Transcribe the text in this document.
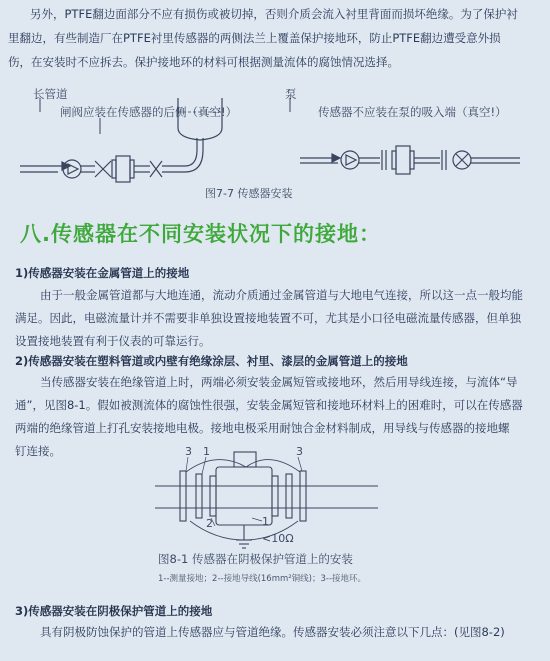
另外，PTFE翻边面部分不应有损伤或被切掉，否则介质会流入衬里背面而损坏绝缘。为了保护衬
里翻边，有些制造厂在PTFE衬里传感器的两侧法兰上覆盖保护接地环，防止PTFE翻边遭受意外损
伤，在安装时不应拆去。保护接地环的材料可根据测量流体的腐蚀情况选择。
长管道
闸阀应装在传感器的后侧（真空!）
泵
传感器不应装在泵的吸入端（真空!）
图7-7 传感器安装
八.传感器在不同安装状况下的接地：
1)传感器安装在金属管道上的接地
由于一般金属管道都与大地连通，流动介质通过金属管道与大地电气连接，所以这一点一般均能
满足。因此，电磁流量计并不需要非单独设置接地装置不可，尤其是小口径电磁流量传感器，但单独
设置接地装置有利于仪表的可靠运行。
2)传感器安装在塑料管道或内壁有绝缘涂层、衬里、漆层的金属管道上的接地
当传感器安装在绝缘管道上时，两端必须安装金属短管或接地环，然后用导线连接，与流体“导
通”，见图8-1。假如被测流体的腐蚀性很强，安装金属短管和接地环材料上的困难时，可以在传感器
两端的绝缘管道上打孔安装接地电极。接地电极采用耐蚀合金材料制成，用导线与传感器的接地螺
钉连接。	3 1
2	1
3
<10Ω
图8-1 传感器在阴极保护管道上的安装
1--测量接地；2--接地导线(16mm²铜线)；3--接地环。
3)传感器安装在阴极保护管道上的接地
具有阴极防蚀保护的管道上传感器应与管道绝缘。传感器安装必须注意以下几点：(见图8-2)
